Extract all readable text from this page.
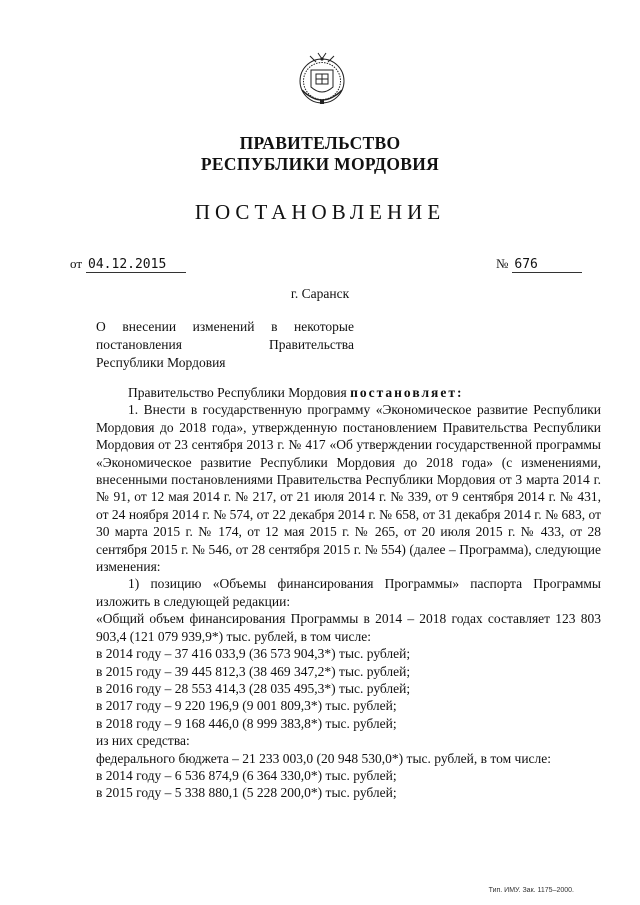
ПРАВИТЕЛЬСТВО
РЕСПУБЛИКИ МОРДОВИЯ
ПОСТАНОВЛЕНИЕ
от 04.12.2015	№ 676
г. Саранск
О внесении изменений в некоторые
постановления Правительства
Республики Мордовия

Правительство Республики Мордовия постановляет:

1. Внести в государственную программу «Экономическое развитие Республики Мордовия до 2018 года», утвержденную постановлением Правительства Республики Мордовия от 23 сентября 2013 г. № 417 «Об утверждении государственной программы «Экономическое развитие Республики Мордовия до 2018 года» (с изменениями, внесенными постановлениями Правительства Республики Мордовия от 3 марта 2014 г. № 91, от 12 мая 2014 г. № 217, от 21 июля 2014 г. № 339, от 9 сентября 2014 г. № 431, от 24 ноября 2014 г. № 574, от 22 декабря 2014 г. № 658, от 31 декабря 2014 г. № 683, от 30 марта 2015 г. № 174, от 12 мая 2015 г. № 265, от 20 июля 2015 г. № 433, от 28 сентября 2015 г. № 546, от 28 сентября 2015 г. № 554) (далее – Программа), следующие изменения:

1) позицию «Объемы финансирования Программы» паспорта Программы изложить в следующей редакции:

«Общий объем финансирования Программы в 2014 – 2018 годах составляет 123 803 903,4 (121 079 939,9*) тыс. рублей, в том числе:

в 2014 году – 37 416 033,9 (36 573 904,3*) тыс. рублей;

в 2015 году – 39 445 812,3 (38 469 347,2*) тыс. рублей;

в 2016 году – 28 553 414,3 (28 035 495,3*) тыс. рублей;

в 2017 году – 9 220 196,9 (9 001 809,3*) тыс. рублей;

в 2018 году – 9 168 446,0 (8 999 383,8*) тыс. рублей;

из них средства:

федерального бюджета – 21 233 003,0 (20 948 530,0*) тыс. рублей, в том числе:

в 2014 году – 6 536 874,9 (6 364 330,0*) тыс. рублей;

в 2015 году – 5 338 880,1 (5 228 200,0*) тыс. рублей;

Тип. ИМУ. Зак. 1175–2000.
